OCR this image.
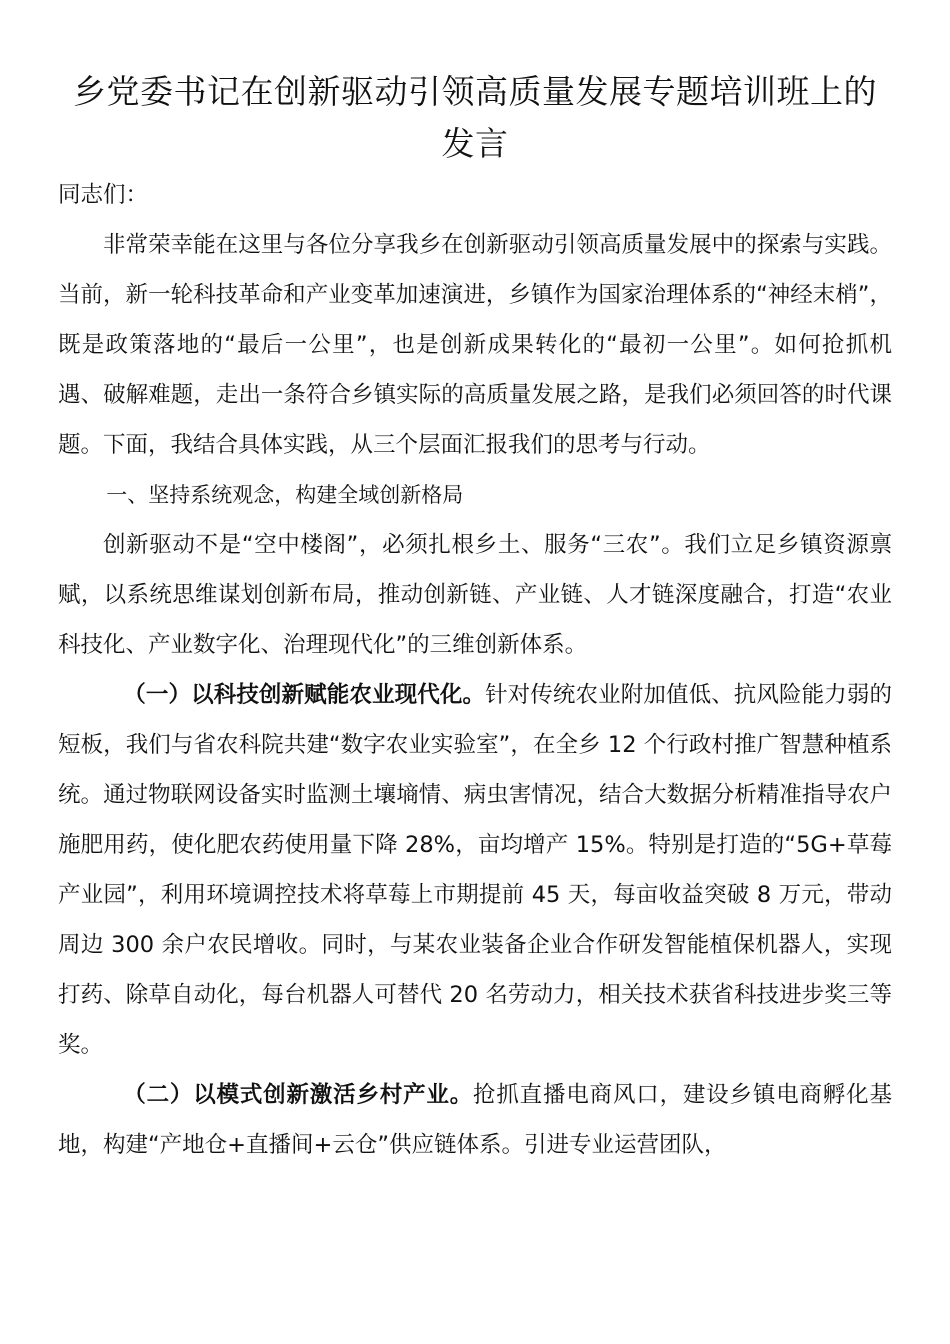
乡党委书记在创新驱动引领高质量发展专题培训班上的发言

同志们：

非常荣幸能在这里与各位分享我乡在创新驱动引领高质量发展中的探索与实践。当前，新一轮科技革命和产业变革加速演进，乡镇作为国家治理体系的“神经末梢”，既是政策落地的“最后一公里”，也是创新成果转化的“最初一公里”。如何抢抓机遇、破解难题，走出一条符合乡镇实际的高质量发展之路，是我们必须回答的时代课题。下面，我结合具体实践，从三个层面汇报我们的思考与行动。

一、坚持系统观念，构建全域创新格局

创新驱动不是“空中楼阁”，必须扎根乡土、服务“三农”。我们立足乡镇资源禀赋，以系统思维谋划创新布局，推动创新链、产业链、人才链深度融合，打造“农业科技化、产业数字化、治理现代化”的三维创新体系。

（一）以科技创新赋能农业现代化。针对传统农业附加值低、抗风险能力弱的短板，我们与省农科院共建“数字农业实验室”，在全乡 12 个行政村推广智慧种植系统。通过物联网设备实时监测土壤墒情、病虫害情况，结合大数据分析精准指导农户施肥用药，使化肥农药使用量下降 28%，亩均增产 15%。特别是打造的“5G+草莓产业园”，利用环境调控技术将草莓上市期提前 45 天，每亩收益突破 8 万元，带动周边 300 余户农民增收。同时，与某农业装备企业合作研发智能植保机器人，实现打药、除草自动化，每台机器人可替代 20 名劳动力，相关技术获省科技进步奖三等奖。

（二）以模式创新激活乡村产业。抢抓直播电商风口，建设乡镇电商孵化基地，构建“产地仓+直播间+云仓”供应链体系。引进专业运营团队，
